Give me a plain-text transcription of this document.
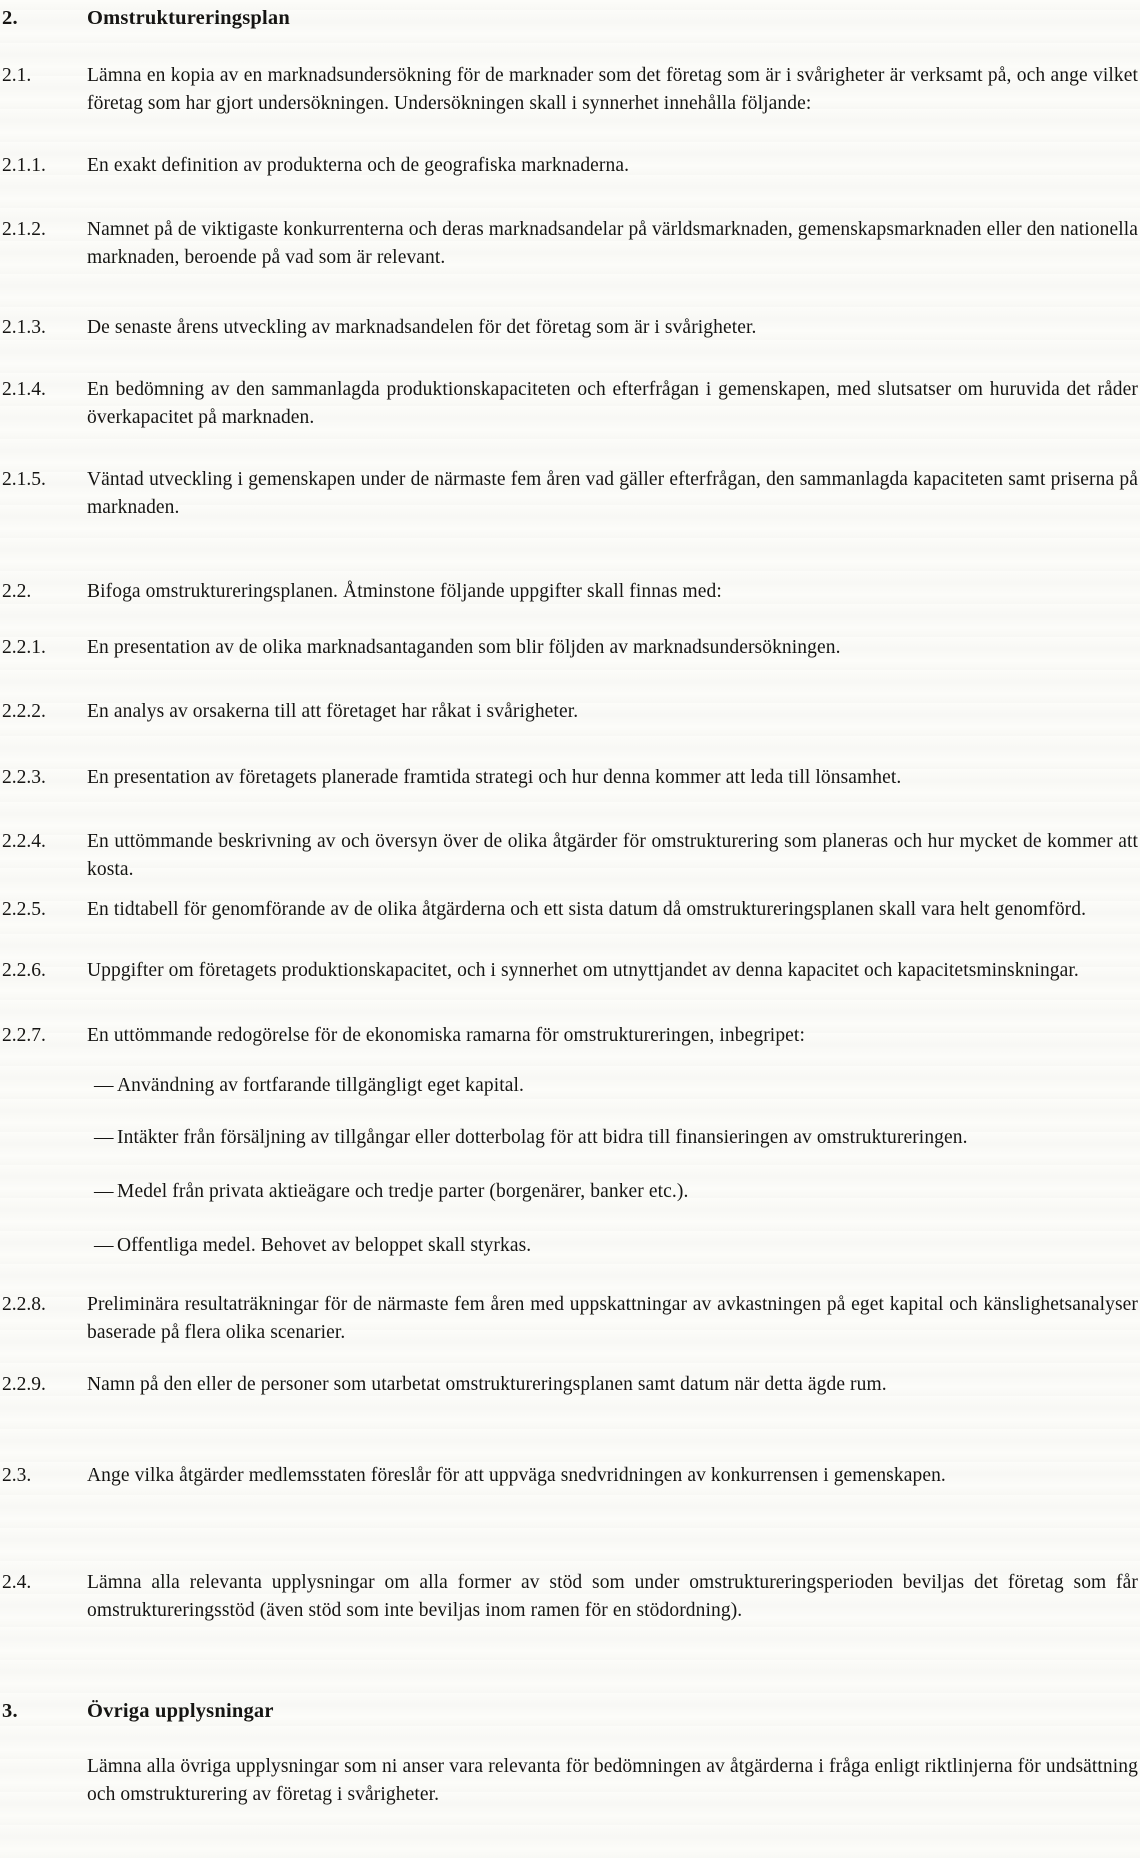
2.	Omstruktureringsplan
2.1.	Lämna en kopia av en marknadsundersökning för de marknader som det företag som är i svårigheter är verksamt på, och ange vilket företag som har gjort undersökningen. Undersökningen skall i synnerhet innehålla följande:
2.1.1.	En exakt definition av produkterna och de geografiska marknaderna.
2.1.2.	Namnet på de viktigaste konkurrenterna och deras marknadsandelar på världsmarknaden, gemenskapsmarknaden eller den nationella marknaden, beroende på vad som är relevant.
2.1.3.	De senaste årens utveckling av marknadsandelen för det företag som är i svårigheter.
2.1.4.	En bedömning av den sammanlagda produktionskapaciteten och efterfrågan i gemenskapen, med slutsatser om huruvida det råder överkapacitet på marknaden.
2.1.5.	Väntad utveckling i gemenskapen under de närmaste fem åren vad gäller efterfrågan, den sammanlagda kapaciteten samt priserna på marknaden.
2.2.	Bifoga omstruktureringsplanen. Åtminstone följande uppgifter skall finnas med:
2.2.1.	En presentation av de olika marknadsantaganden som blir följden av marknadsundersökningen.
2.2.2.	En analys av orsakerna till att företaget har råkat i svårigheter.
2.2.3.	En presentation av företagets planerade framtida strategi och hur denna kommer att leda till lönsamhet.
2.2.4.	En uttömmande beskrivning av och översyn över de olika åtgärder för omstrukturering som planeras och hur mycket de kommer att kosta.
2.2.5.	En tidtabell för genomförande av de olika åtgärderna och ett sista datum då omstruktureringsplanen skall vara helt genomförd.
2.2.6.	Uppgifter om företagets produktionskapacitet, och i synnerhet om utnyttjandet av denna kapacitet och kapacitetsminskningar.
2.2.7.	En uttömmande redogörelse för de ekonomiska ramarna för omstruktureringen, inbegripet:
— Användning av fortfarande tillgängligt eget kapital.
— Intäkter från försäljning av tillgångar eller dotterbolag för att bidra till finansieringen av omstruktureringen.
— Medel från privata aktieägare och tredje parter (borgenärer, banker etc.).
— Offentliga medel. Behovet av beloppet skall styrkas.
2.2.8.	Preliminära resultaträkningar för de närmaste fem åren med uppskattningar av avkastningen på eget kapital och känslighetsanalyser baserade på flera olika scenarier.
2.2.9.	Namn på den eller de personer som utarbetat omstruktureringsplanen samt datum när detta ägde rum.
2.3.	Ange vilka åtgärder medlemsstaten föreslår för att uppväga snedvridningen av konkurrensen i gemenskapen.
2.4.	Lämna alla relevanta upplysningar om alla former av stöd som under omstruktureringsperioden beviljas det företag som får omstruktureringsstöd (även stöd som inte beviljas inom ramen för en stödordning).
3.	Övriga upplysningar
Lämna alla övriga upplysningar som ni anser vara relevanta för bedömningen av åtgärderna i fråga enligt riktlinjerna för undsättning och omstrukturering av företag i svårigheter.
